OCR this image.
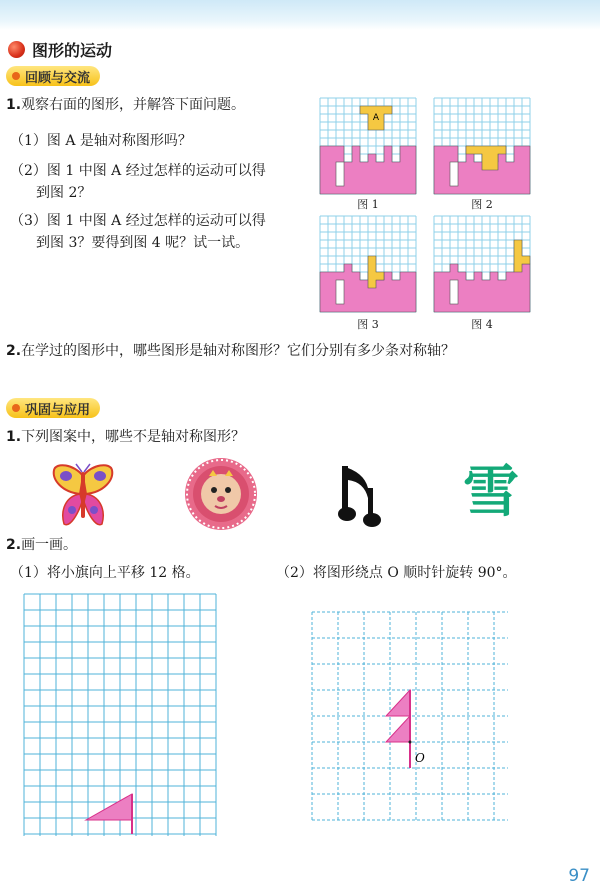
图形的运动
回顾与交流
1.观察右面的图形，并解答下面问题。
（1）图 A 是轴对称图形吗？
（2）图 1 中图 A 经过怎样的运动可以得
到图 2？
（3）图 1 中图 A 经过怎样的运动可以得
到图 3？要得到图 4 呢？试一试。
A
图 1	图 2
图 3	图 4
2.在学过的图形中，哪些图形是轴对称图形？它们分别有多少条对称轴？
巩固与应用
1.下列图案中，哪些不是轴对称图形？
雪
2.画一画。
（1）将小旗向上平移 12 格。	（2）将图形绕点 O 顺时针旋转 90°。
O
97
